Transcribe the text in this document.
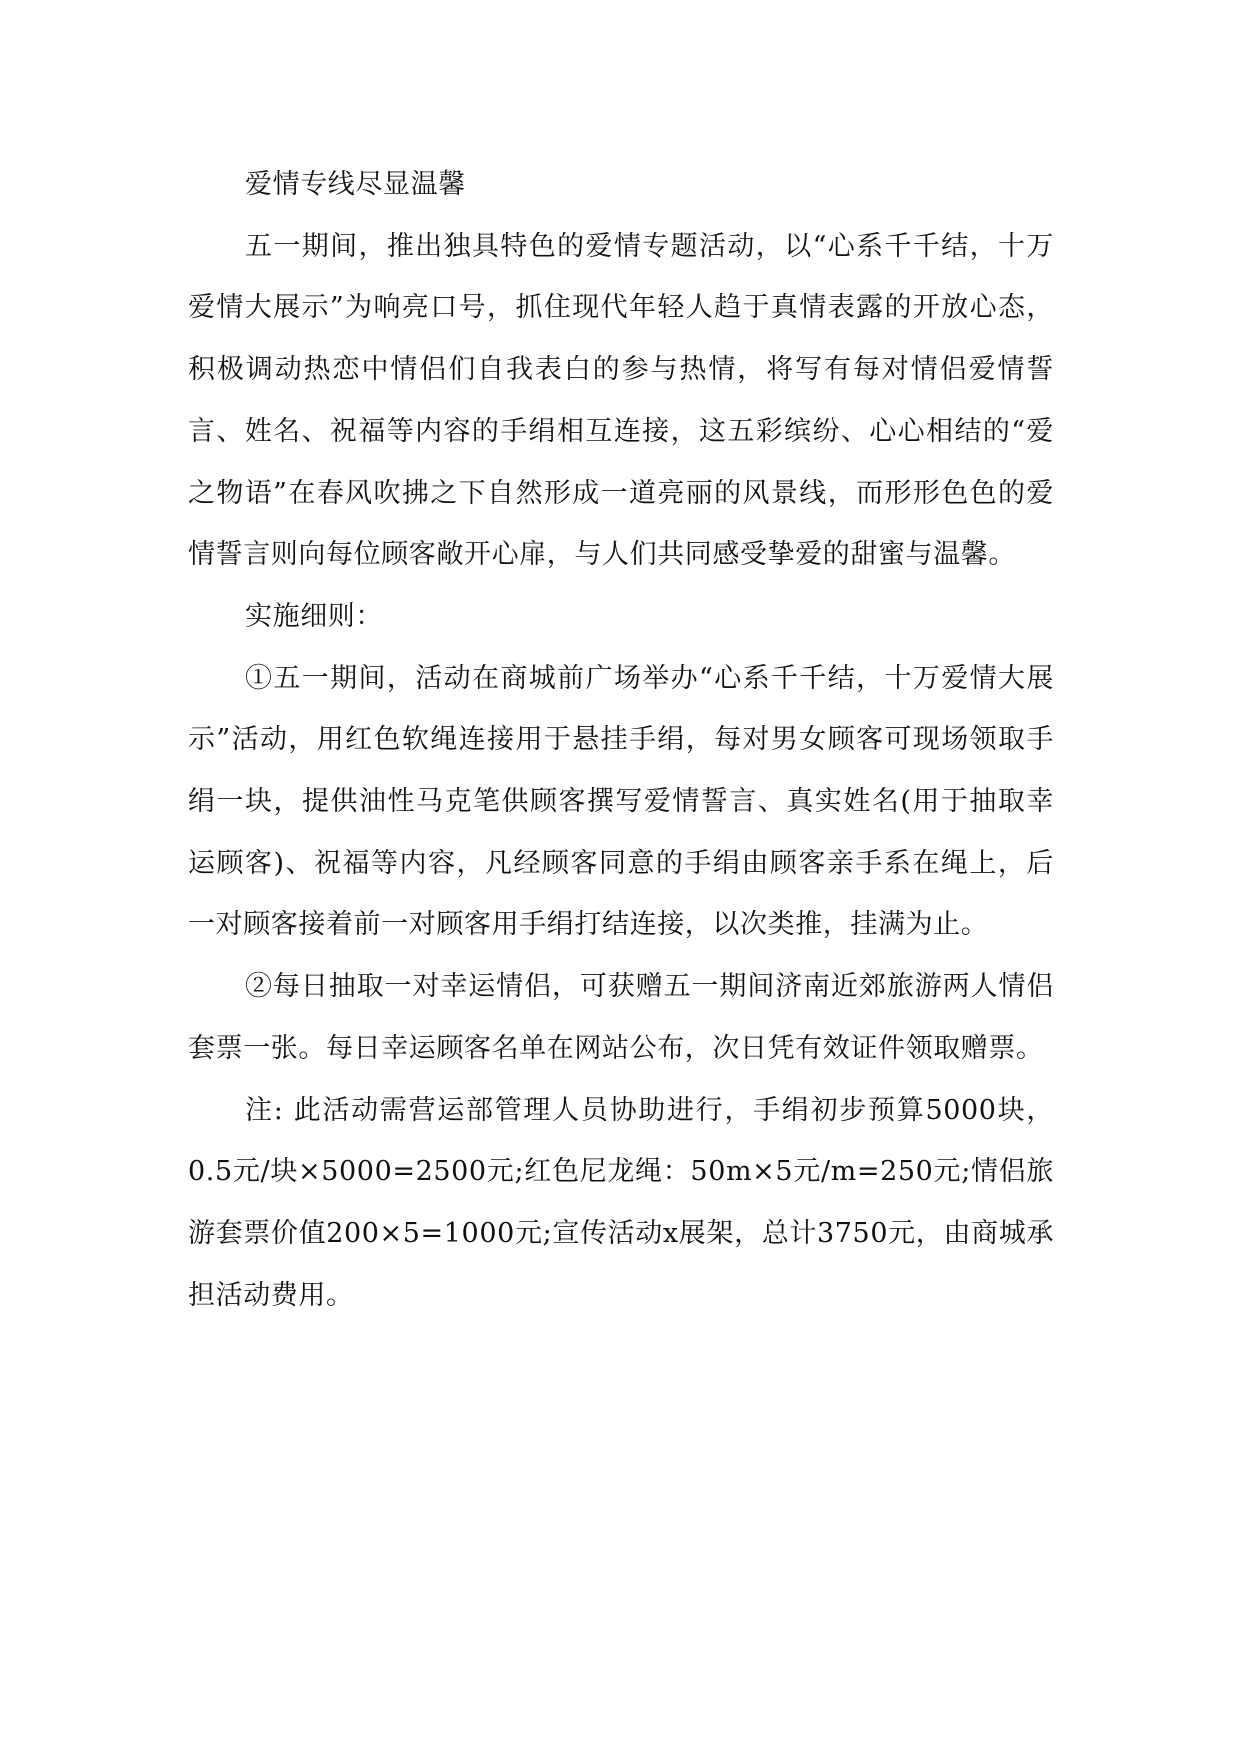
爱情专线尽显温馨

五一期间，推出独具特色的爱情专题活动，以“心系千千结，十万爱情大展示”为响亮口号，抓住现代年轻人趋于真情表露的开放心态，积极调动热恋中情侣们自我表白的参与热情，将写有每对情侣爱情誓言、姓名、祝福等内容的手绢相互连接，这五彩缤纷、心心相结的“爱之物语”在春风吹拂之下自然形成一道亮丽的风景线，而形形色色的爱情誓言则向每位顾客敞开心扉，与人们共同感受挚爱的甜蜜与温馨。

实施细则：

①五一期间，活动在商城前广场举办“心系千千结，十万爱情大展示”活动，用红色软绳连接用于悬挂手绢，每对男女顾客可现场领取手绢一块，提供油性马克笔供顾客撰写爱情誓言、真实姓名(用于抽取幸运顾客)、祝福等内容，凡经顾客同意的手绢由顾客亲手系在绳上，后一对顾客接着前一对顾客用手绢打结连接，以次类推，挂满为止。

②每日抽取一对幸运情侣，可获赠五一期间济南近郊旅游两人情侣套票一张。每日幸运顾客名单在网站公布，次日凭有效证件领取赠票。

注: 此活动需营运部管理人员协助进行，手绢初步预算5000块，0.5元/块×5000=2500元;红色尼龙绳：50m×5元/m=250元;情侣旅游套票价值200×5=1000元;宣传活动x展架，总计3750元，由商城承担活动费用。
